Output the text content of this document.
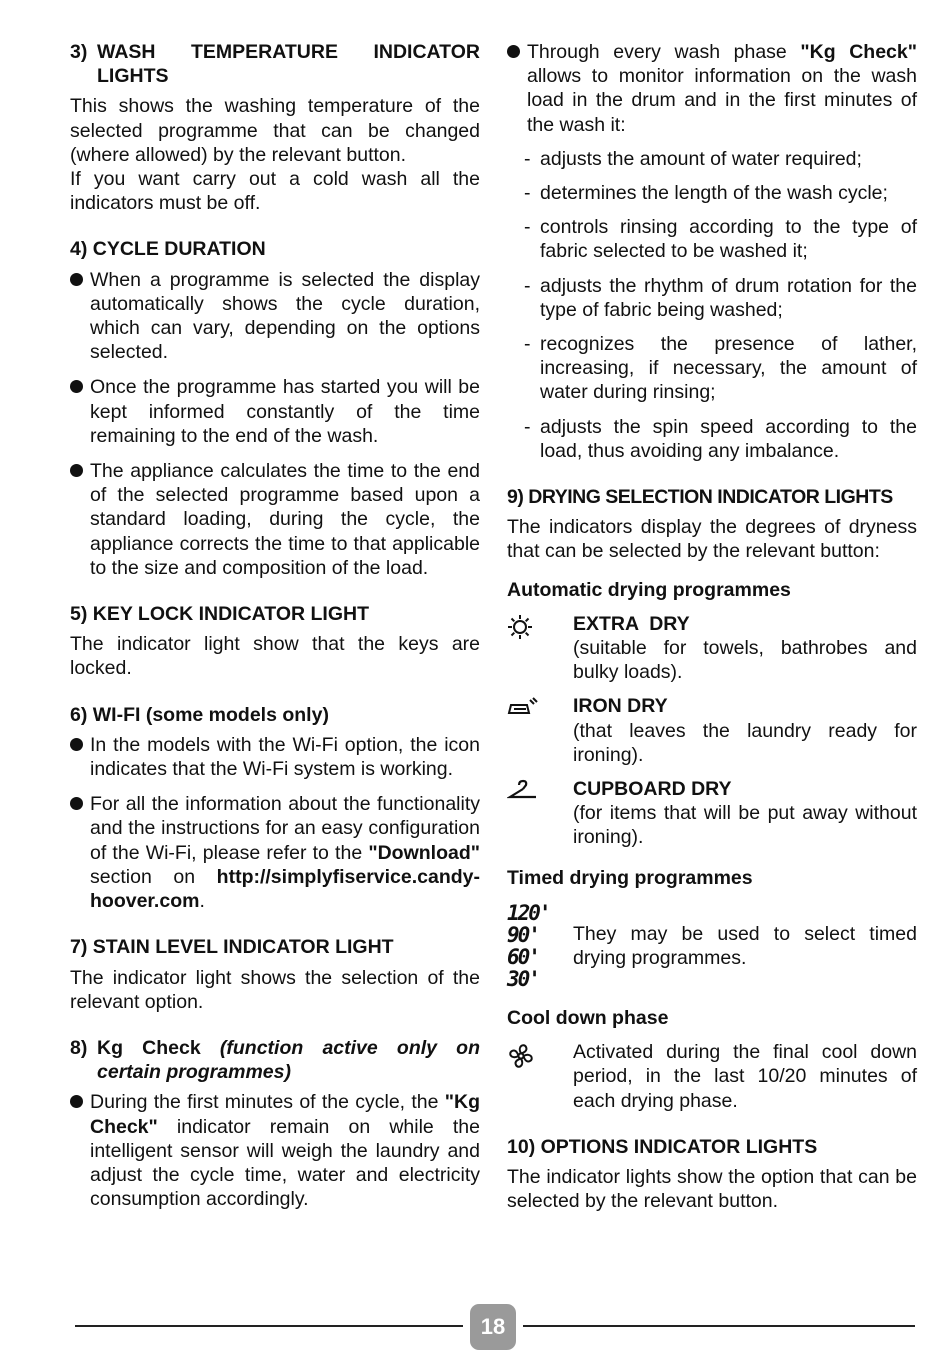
3) WASH TEMPERATURE INDICATOR LIGHTS
This shows the washing temperature of the selected programme that can be changed (where allowed) by the relevant button.
If you want carry out a cold wash all the indicators must be off.
4) CYCLE DURATION
When a programme is selected the display automatically shows the cycle duration, which can vary, depending on the options selected.
Once the programme has started you will be kept informed constantly of the time remaining to the end of the wash.
The appliance calculates the time to the end of the selected programme based upon a standard loading, during the cycle, the appliance corrects the time to that applicable to the size and composition of the load.
5) KEY LOCK INDICATOR LIGHT
The indicator light show that the keys are locked.
6) WI-FI (some models only)
In the models with the Wi-Fi option, the icon indicates that the Wi-Fi system is working.
For all the information about the functionality and the instructions for an easy configuration of the Wi-Fi, please refer to the "Download" section on http://simplyfiservice.candy-hoover.com.
7) STAIN LEVEL INDICATOR LIGHT
The indicator light shows the selection of the relevant option.
8) Kg Check (function active only on certain programmes)
During the first minutes of the cycle, the "Kg Check" indicator remain on while the intelligent sensor will weigh the laundry and adjust the cycle time, water and electricity consumption accordingly.
Through every wash phase "Kg Check" allows to monitor information on the wash load in the drum and in the first minutes of the wash it:
- adjusts the amount of water required;
- determines the length of the wash cycle;
- controls rinsing according to the type of fabric selected to be washed it;
- adjusts the rhythm of drum rotation for the type of fabric being washed;
- recognizes the presence of lather, increasing, if necessary, the amount of water during rinsing;
- adjusts the spin speed according to the load, thus avoiding any imbalance.
9) DRYING SELECTION INDICATOR LIGHTS
The indicators display the degrees of dryness that can be selected by the relevant button:
Automatic drying programmes
EXTRA  DRY
(suitable for towels, bathrobes and bulky loads).
IRON DRY
(that leaves the laundry ready for ironing).
CUPBOARD DRY
(for items that will be put away without ironing).
Timed drying programmes
120'
90'
60'
30'
They may be used to select timed drying programmes.
Cool down phase
Activated during the final cool down period, in the last 10/20 minutes of each drying phase.
10) OPTIONS INDICATOR LIGHTS
The indicator lights show the option that can be selected by the relevant button.
18
